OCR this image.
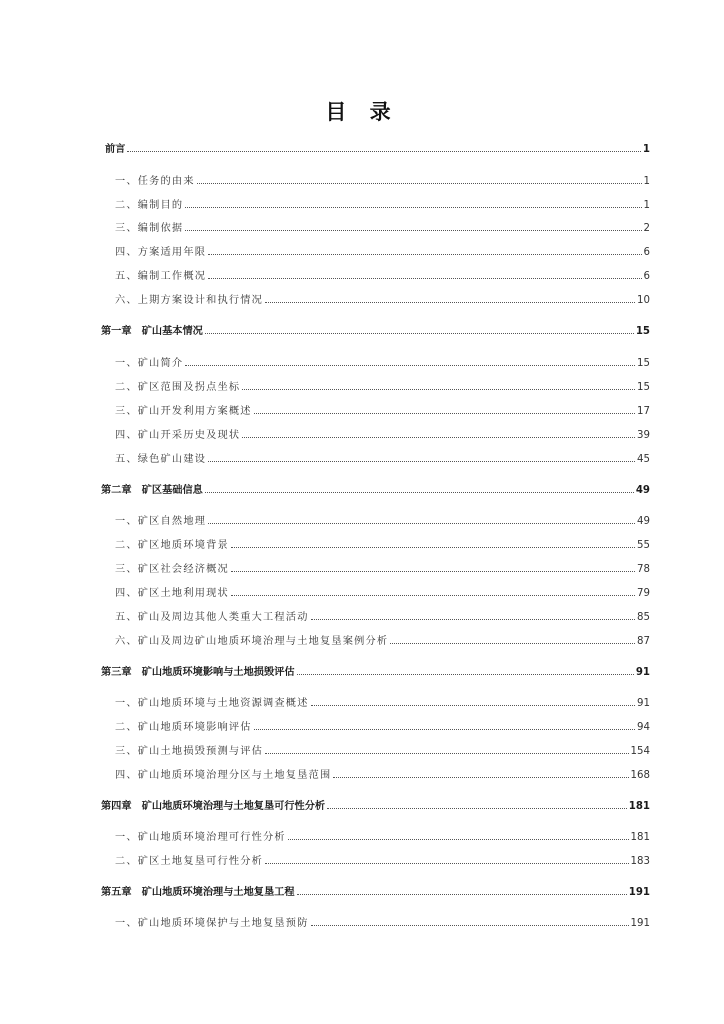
目 录
前言	1
一、任务的由来	1
二、编制目的	1
三、编制依据	2
四、方案适用年限	6
五、编制工作概况	6
六、上期方案设计和执行情况	10
第一章　矿山基本情况	15
一、矿山简介	15
二、矿区范围及拐点坐标	15
三、矿山开发利用方案概述	17
四、矿山开采历史及现状	39
五、绿色矿山建设	45
第二章　矿区基础信息	49
一、矿区自然地理	49
二、矿区地质环境背景	55
三、矿区社会经济概况	78
四、矿区土地利用现状	79
五、矿山及周边其他人类重大工程活动	85
六、矿山及周边矿山地质环境治理与土地复垦案例分析	87
第三章　矿山地质环境影响与土地损毁评估	91
一、矿山地质环境与土地资源调查概述	91
二、矿山地质环境影响评估	94
三、矿山土地损毁预测与评估	154
四、矿山地质环境治理分区与土地复垦范围	168
第四章　矿山地质环境治理与土地复垦可行性分析	181
一、矿山地质环境治理可行性分析	181
二、矿区土地复垦可行性分析	183
第五章　矿山地质环境治理与土地复垦工程	191
一、矿山地质环境保护与土地复垦预防	191
